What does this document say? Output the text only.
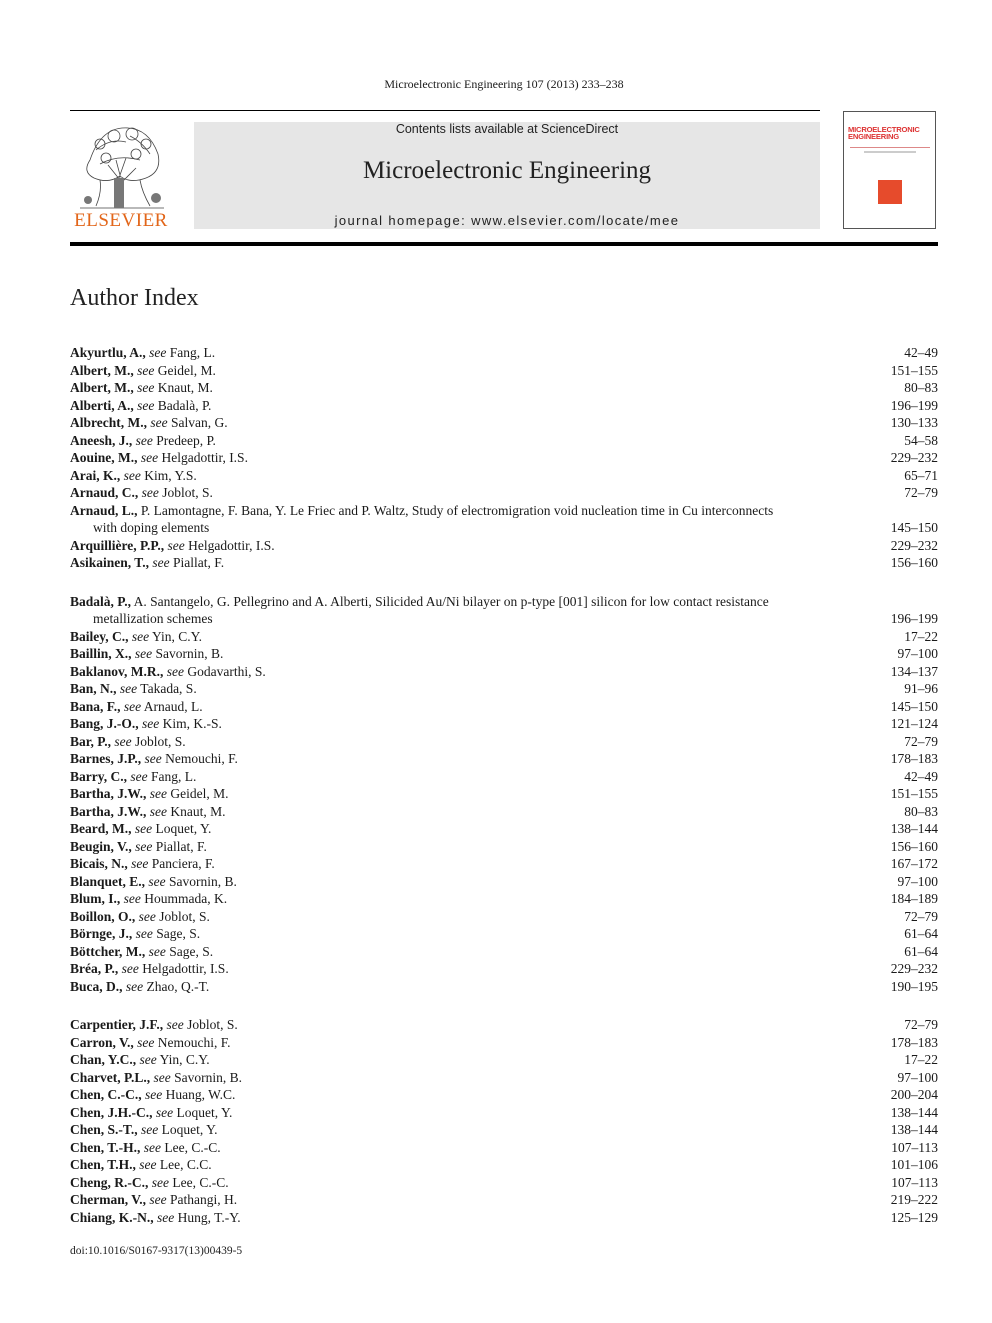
Microelectronic Engineering 107 (2013) 233–238
ELSEVIER
Contents lists available at ScienceDirect
Microelectronic Engineering
journal homepage: www.elsevier.com/locate/mee
MICROELECTRONIC
ENGINEERING
Author Index
Akyurtlu, A., see Fang, L.	42–49
Albert, M., see Geidel, M.	151–155
Albert, M., see Knaut, M.	80–83
Alberti, A., see Badalà, P.	196–199
Albrecht, M., see Salvan, G.	130–133
Aneesh, J., see Predeep, P.	54–58
Aouine, M., see Helgadottir, I.S.	229–232
Arai, K., see Kim, Y.S.	65–71
Arnaud, C., see Joblot, S.	72–79
Arnaud, L., P. Lamontagne, F. Bana, Y. Le Friec and P. Waltz, Study of electromigration void nucleation time in Cu interconnects with doping elements	145–150
Arquillière, P.P., see Helgadottir, I.S.	229–232
Asikainen, T., see Piallat, F.	156–160
Badalà, P., A. Santangelo, G. Pellegrino and A. Alberti, Silicided Au/Ni bilayer on p-type [001] silicon for low contact resistance metallization schemes	196–199
Bailey, C., see Yin, C.Y.	17–22
Baillin, X., see Savornin, B.	97–100
Baklanov, M.R., see Godavarthi, S.	134–137
Ban, N., see Takada, S.	91–96
Bana, F., see Arnaud, L.	145–150
Bang, J.-O., see Kim, K.-S.	121–124
Bar, P., see Joblot, S.	72–79
Barnes, J.P., see Nemouchi, F.	178–183
Barry, C., see Fang, L.	42–49
Bartha, J.W., see Geidel, M.	151–155
Bartha, J.W., see Knaut, M.	80–83
Beard, M., see Loquet, Y.	138–144
Beugin, V., see Piallat, F.	156–160
Bicais, N., see Panciera, F.	167–172
Blanquet, E., see Savornin, B.	97–100
Blum, I., see Hoummada, K.	184–189
Boillon, O., see Joblot, S.	72–79
Börnge, J., see Sage, S.	61–64
Böttcher, M., see Sage, S.	61–64
Bréa, P., see Helgadottir, I.S.	229–232
Buca, D., see Zhao, Q.-T.	190–195
Carpentier, J.F., see Joblot, S.	72–79
Carron, V., see Nemouchi, F.	178–183
Chan, Y.C., see Yin, C.Y.	17–22
Charvet, P.L., see Savornin, B.	97–100
Chen, C.-C., see Huang, W.C.	200–204
Chen, J.H.-C., see Loquet, Y.	138–144
Chen, S.-T., see Loquet, Y.	138–144
Chen, T.-H., see Lee, C.-C.	107–113
Chen, T.H., see Lee, C.C.	101–106
Cheng, R.-C., see Lee, C.-C.	107–113
Cherman, V., see Pathangi, H.	219–222
Chiang, K.-N., see Hung, T.-Y.	125–129
doi:10.1016/S0167-9317(13)00439-5
